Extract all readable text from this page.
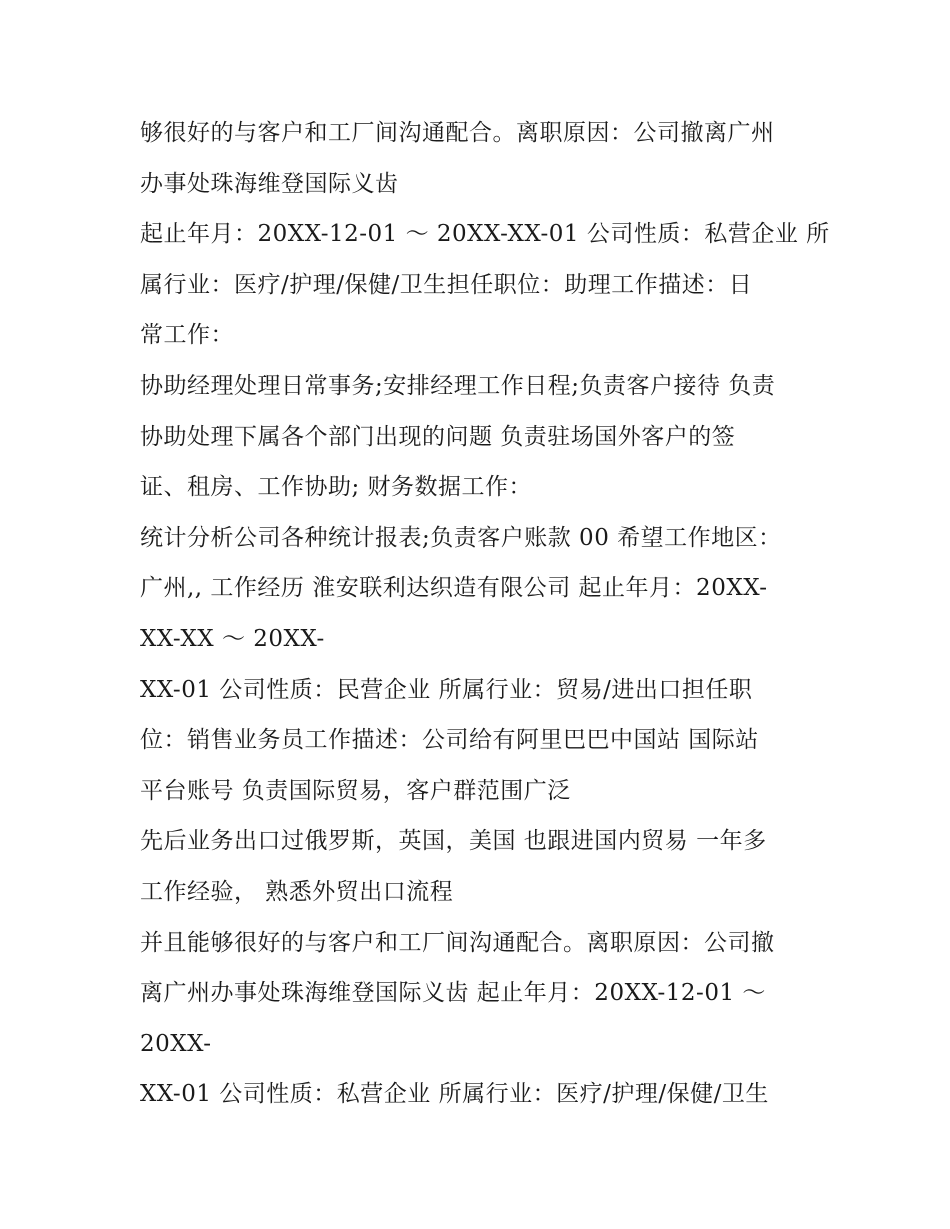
够很好的与客户和工厂间沟通配合。离职原因：公司撤离广州
办事处珠海维登国际义齿
起止年月：20XX-12-01 ～ 20XX-XX-01 公司性质：私营企业 所
属行业：医疗/护理/保健/卫生担任职位：助理工作描述：日
常工作：
协助经理处理日常事务;安排经理工作日程;负责客户接待 负责
协助处理下属各个部门出现的问题 负责驻场国外客户的签
证、租房、工作协助; 财务数据工作：
统计分析公司各种统计报表;负责客户账款 00 希望工作地区：
广州,, 工作经历 淮安联利达织造有限公司 起止年月：20XX-
XX-XX ～ 20XX-
XX-01 公司性质：民营企业 所属行业：贸易/进出口担任职
位：销售业务员工作描述：公司给有阿里巴巴中国站 国际站
平台账号 负责国际贸易，客户群范围广泛
先后业务出口过俄罗斯，英国，美国 也跟进国内贸易 一年多
工作经验， 熟悉外贸出口流程
并且能够很好的与客户和工厂间沟通配合。离职原因：公司撤
离广州办事处珠海维登国际义齿 起止年月：20XX-12-01 ～
20XX-
XX-01 公司性质：私营企业 所属行业：医疗/护理/保健/卫生
